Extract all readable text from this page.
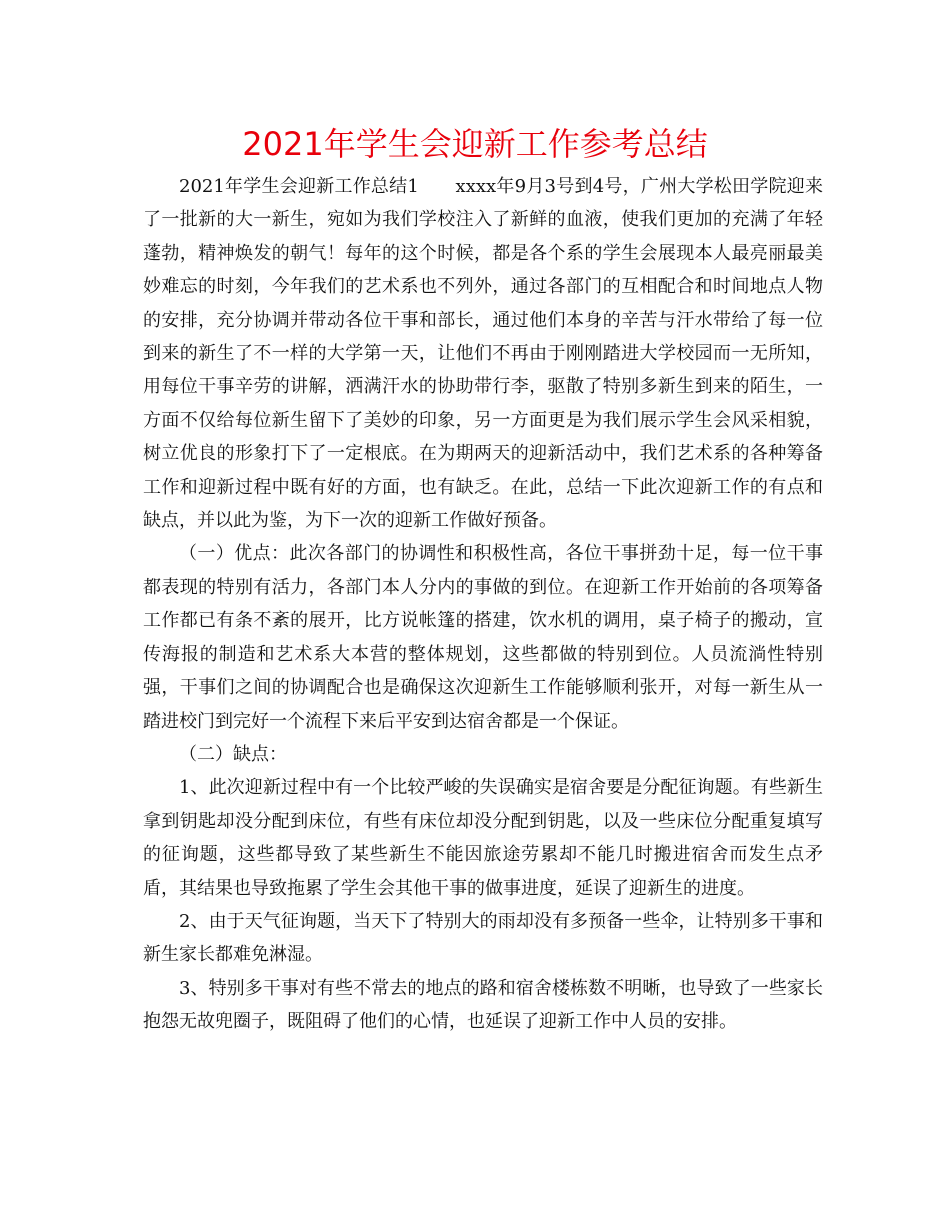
2021年学生会迎新工作参考总结

2021年学生会迎新工作总结1　　xxxx年9月3号到4号，广州大学松田学院迎来了一批新的大一新生，宛如为我们学校注入了新鲜的血液，使我们更加的充满了年轻蓬勃，精神焕发的朝气！每年的这个时候，都是各个系的学生会展现本人最亮丽最美妙难忘的时刻，今年我们的艺术系也不列外，通过各部门的互相配合和时间地点人物的安排，充分协调并带动各位干事和部长，通过他们本身的辛苦与汗水带给了每一位到来的新生了不一样的大学第一天，让他们不再由于刚刚踏进大学校园而一无所知，用每位干事辛劳的讲解，洒满汗水的协助带行李，驱散了特别多新生到来的陌生，一方面不仅给每位新生留下了美妙的印象，另一方面更是为我们展示学生会风采相貌，树立优良的形象打下了一定根底。在为期两天的迎新活动中，我们艺术系的各种筹备工作和迎新过程中既有好的方面，也有缺乏。在此，总结一下此次迎新工作的有点和缺点，并以此为鉴，为下一次的迎新工作做好预备。

（一）优点：此次各部门的协调性和积极性高，各位干事拼劲十足，每一位干事都表现的特别有活力，各部门本人分内的事做的到位。在迎新工作开始前的各项筹备工作都已有条不紊的展开，比方说帐篷的搭建，饮水机的调用，桌子椅子的搬动，宣传海报的制造和艺术系大本营的整体规划，这些都做的特别到位。人员流淌性特别强，干事们之间的协调配合也是确保这次迎新生工作能够顺利张开，对每一新生从一踏进校门到完好一个流程下来后平安到达宿舍都是一个保证。

（二）缺点：

1、此次迎新过程中有一个比较严峻的失误确实是宿舍要是分配征询题。有些新生拿到钥匙却没分配到床位，有些有床位却没分配到钥匙，以及一些床位分配重复填写的征询题，这些都导致了某些新生不能因旅途劳累却不能几时搬进宿舍而发生点矛盾，其结果也导致拖累了学生会其他干事的做事进度，延误了迎新生的进度。

2、由于天气征询题，当天下了特别大的雨却没有多预备一些伞，让特别多干事和新生家长都难免淋湿。

3、特别多干事对有些不常去的地点的路和宿舍楼栋数不明晰，也导致了一些家长抱怨无故兜圈子，既阻碍了他们的心情，也延误了迎新工作中人员的安排。
